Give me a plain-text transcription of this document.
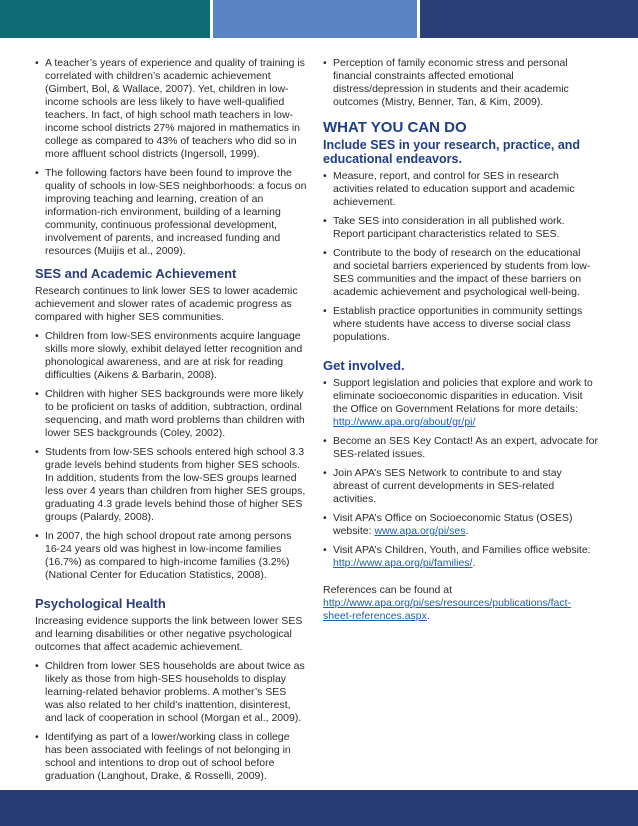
• A teacher’s years of experience and quality of training is correlated with children’s academic achievement (Gimbert, Bol, & Wallace, 2007). Yet, children in low-income schools are less likely to have well-qualified teachers. In fact, of high school math teachers in low-income school districts 27% majored in mathematics in college as compared to 43% of teachers who did so in more affluent school districts (Ingersoll, 1999).
• The following factors have been found to improve the quality of schools in low-SES neighborhoods: a focus on improving teaching and learning, creation of an information-rich environment, building of a learning community, continuous professional development, involvement of parents, and increased funding and resources (Muijis et al., 2009).
SES and Academic Achievement

Research continues to link lower SES to lower academic achievement and slower rates of academic progress as compared with higher SES communities.

• Children from low-SES environments acquire language skills more slowly, exhibit delayed letter recognition and phonological awareness, and are at risk for reading difficulties (Aikens & Barbarin, 2008).
• Children with higher SES backgrounds were more likely to be proficient on tasks of addition, subtraction, ordinal sequencing, and math word problems than children with lower SES backgrounds (Coley, 2002).
• Students from low-SES schools entered high school 3.3 grade levels behind students from higher SES schools. In addition, students from the low-SES groups learned less over 4 years than children from higher SES groups, graduating 4.3 grade levels behind those of higher SES groups (Palardy, 2008).
• In 2007, the high school dropout rate among persons 16-24 years old was highest in low-income families (16.7%) as compared to high-income families (3.2%) (National Center for Education Statistics, 2008).
Psychological Health

Increasing evidence supports the link between lower SES and learning disabilities or other negative psychological outcomes that affect academic achievement.

• Children from lower SES households are about twice as likely as those from high-SES households to display learning-related behavior problems. A mother’s SES was also related to her child’s inattention, disinterest, and lack of cooperation in school (Morgan et al., 2009).
• Identifying as part of a lower/working class in college has been associated with feelings of not belonging in school and intentions to drop out of school before graduation (Langhout, Drake, & Rosselli, 2009).
• Perception of family economic stress and personal financial constraints affected emotional distress/depression in students and their academic outcomes (Mistry, Benner, Tan, & Kim, 2009).
WHAT YOU CAN DO
Include SES in your research, practice, and educational endeavors.
• Measure, report, and control for SES in research activities related to education support and academic achievement.
• Take SES into consideration in all published work. Report participant characteristics related to SES.
• Contribute to the body of research on the educational and societal barriers experienced by students from low-SES communities and the impact of these barriers on academic achievement and psychological well-being.
• Establish practice opportunities in community settings where students have access to diverse social class populations.
Get involved.
• Support legislation and policies that explore and work to eliminate socioeconomic disparities in education. Visit the Office on Government Relations for more details: http://www.apa.org/about/gr/pi/
• Become an SES Key Contact! As an expert, advocate for SES-related issues.
• Join APA’s SES Network to contribute to and stay abreast of current developments in SES-related activities.
• Visit APA’s Office on Socioeconomic Status (OSES) website: www.apa.org/pi/ses.
• Visit APA’s Children, Youth, and Families office website: http://www.apa.org/pi/families/.

References can be found at http://www.apa.org/pi/ses/resources/publications/fact-sheet-references.aspx.
